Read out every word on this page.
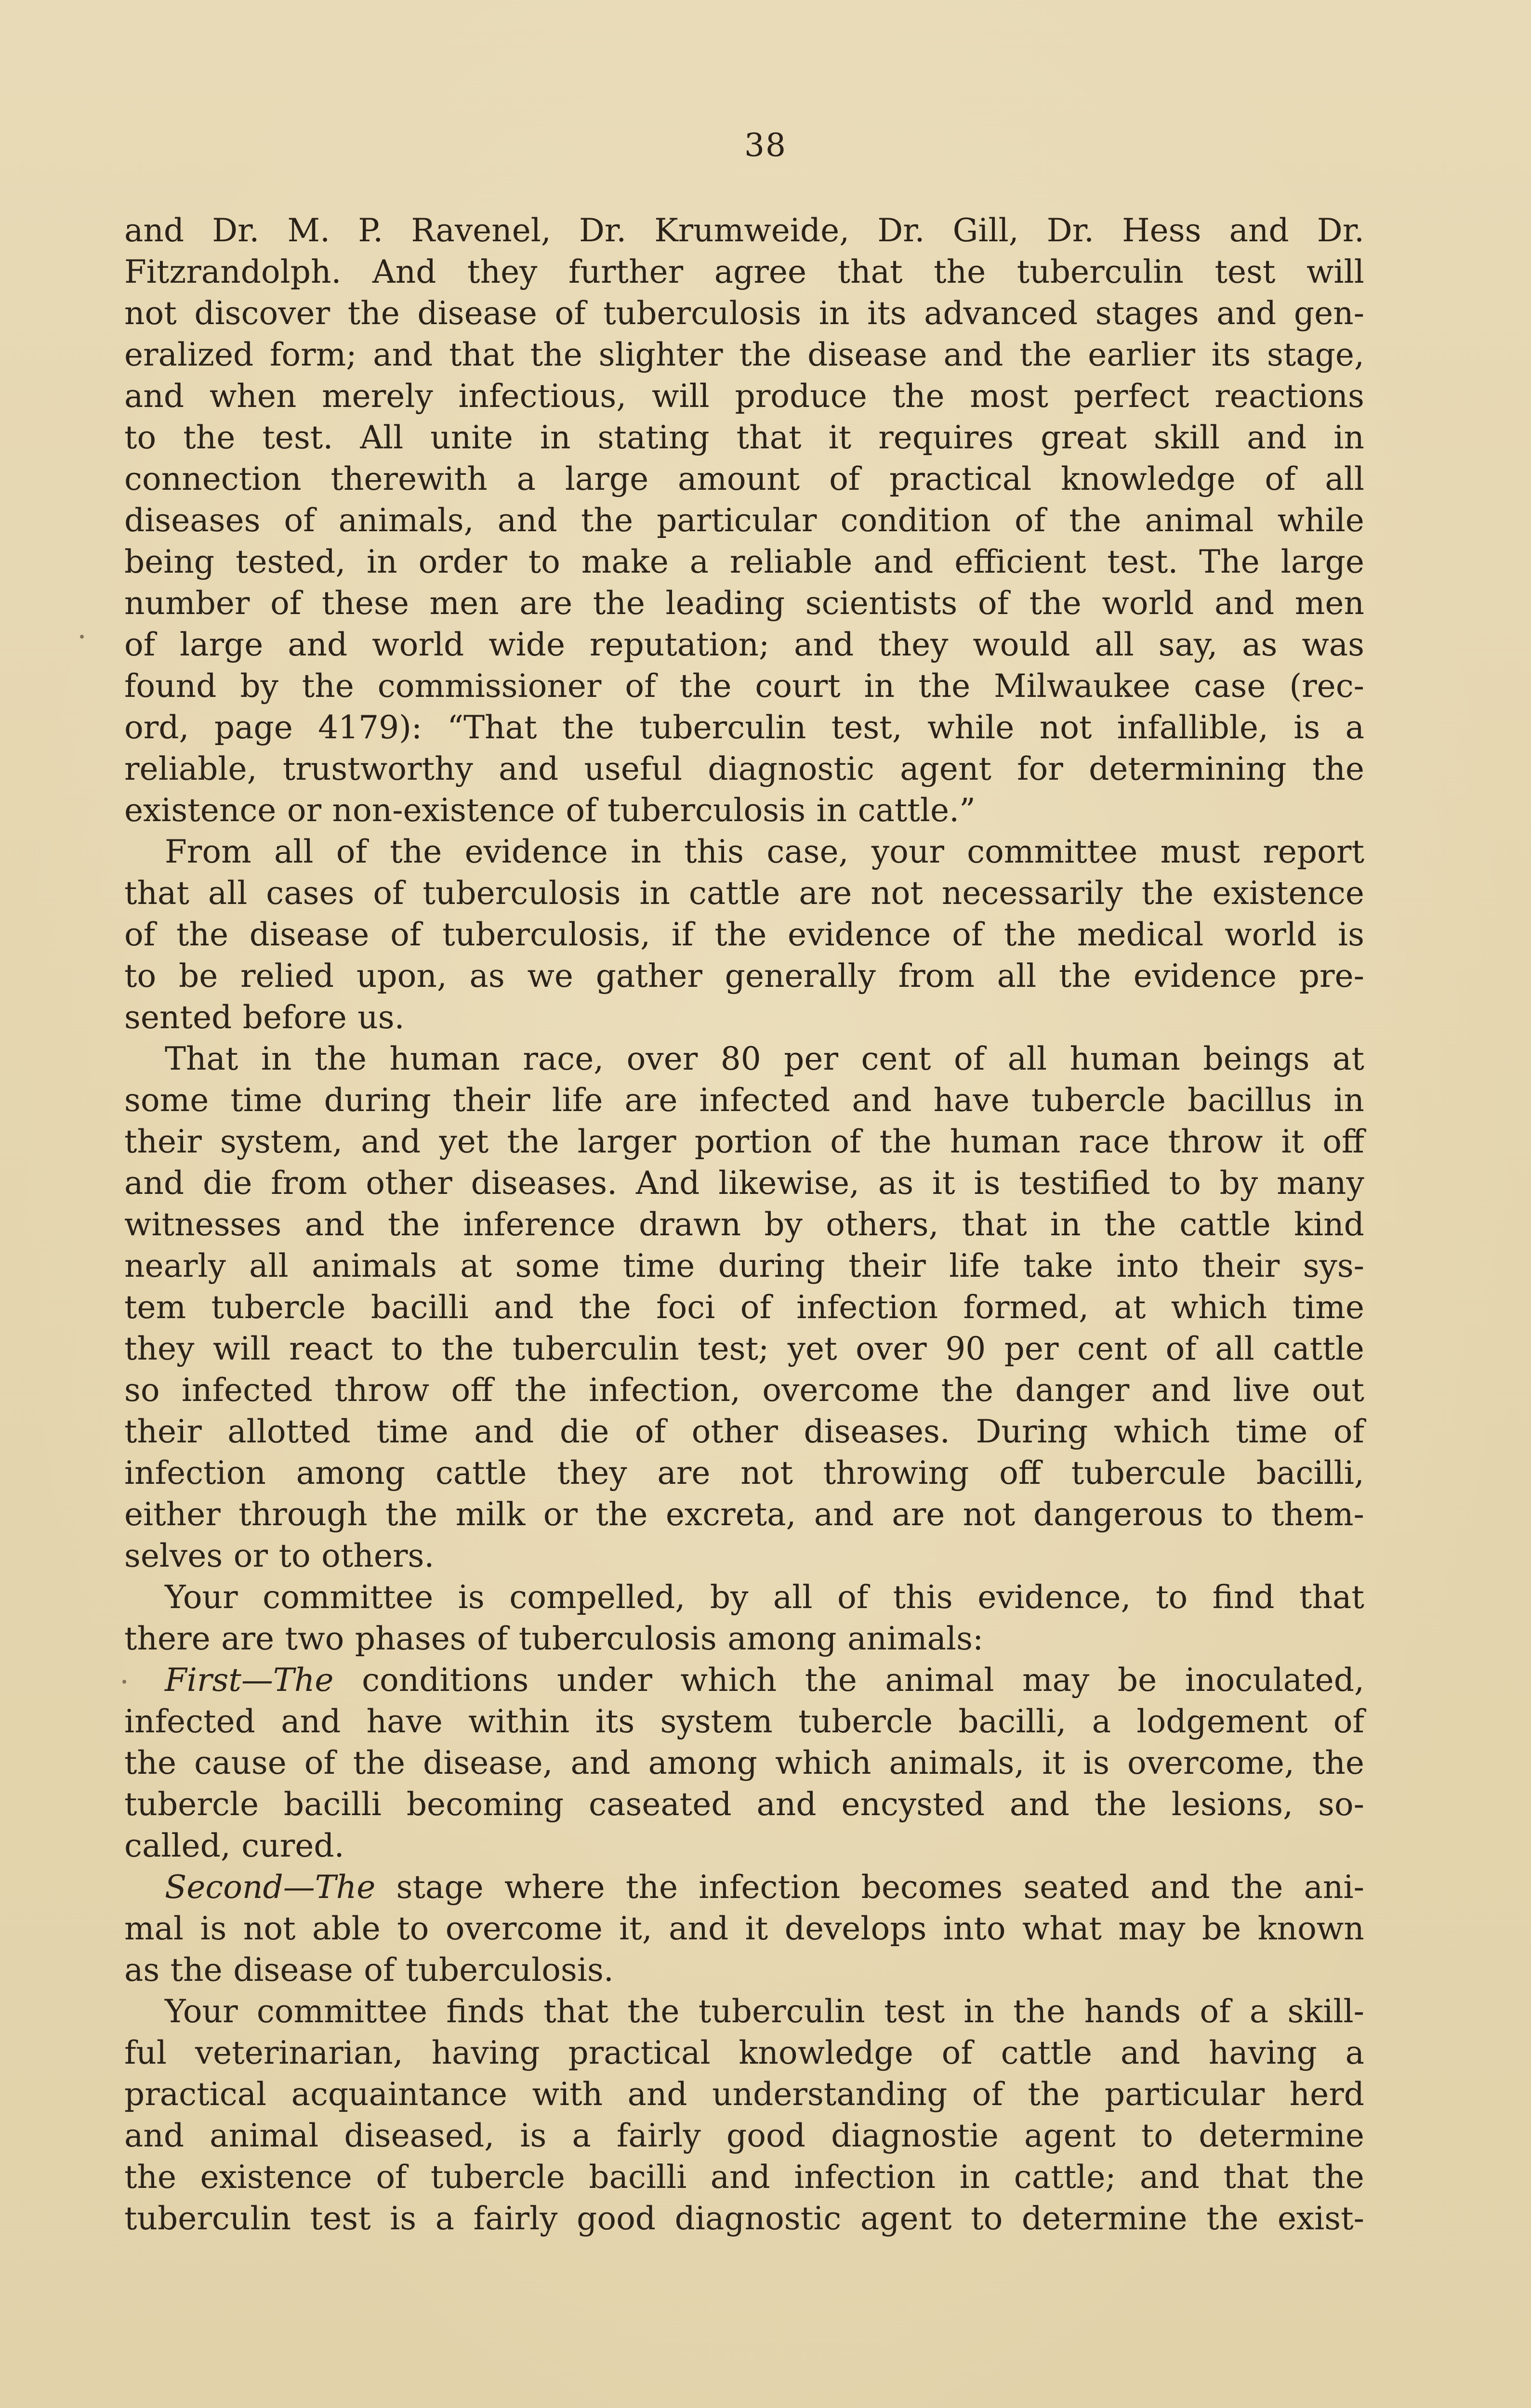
38
and Dr. M. P. Ravenel, Dr. Krumweide, Dr. Gill, Dr. Hess and Dr.
Fitzrandolph. And they further agree that the tuberculin test will
not discover the disease of tuberculosis in its advanced stages and gen-
eralized form; and that the slighter the disease and the earlier its stage,
and when merely infectious, will produce the most perfect reactions
to the test. All unite in stating that it requires great skill and in
connection therewith a large amount of practical knowledge of all
diseases of animals, and the particular condition of the animal while
being tested, in order to make a reliable and efficient test. The large
number of these men are the leading scientists of the world and men
of large and world wide reputation; and they would all say, as was
found by the commissioner of the court in the Milwaukee case (rec-
ord, page 4179): “That the tuberculin test, while not infallible, is a
reliable, trustworthy and useful diagnostic agent for determining the
existence or non-existence of tuberculosis in cattle.”
From all of the evidence in this case, your committee must report
that all cases of tuberculosis in cattle are not necessarily the existence
of the disease of tuberculosis, if the evidence of the medical world is
to be relied upon, as we gather generally from all the evidence pre-
sented before us.
That in the human race, over 80 per cent of all human beings at
some time during their life are infected and have tubercle bacillus in
their system, and yet the larger portion of the human race throw it off
and die from other diseases. And likewise, as it is testified to by many
witnesses and the inference drawn by others, that in the cattle kind
nearly all animals at some time during their life take into their sys-
tem tubercle bacilli and the foci of infection formed, at which time
they will react to the tuberculin test; yet over 90 per cent of all cattle
so infected throw off the infection, overcome the danger and live out
their allotted time and die of other diseases. During which time of
infection among cattle they are not throwing off tubercule bacilli,
either through the milk or the excreta, and are not dangerous to them-
selves or to others.
Your committee is compelled, by all of this evidence, to find that
there are two phases of tuberculosis among animals:
First—The conditions under which the animal may be inoculated,
infected and have within its system tubercle bacilli, a lodgement of
the cause of the disease, and among which animals, it is overcome, the
tubercle bacilli becoming caseated and encysted and the lesions, so-
called, cured.
Second—The stage where the infection becomes seated and the ani-
mal is not able to overcome it, and it develops into what may be known
as the disease of tuberculosis.
Your committee finds that the tuberculin test in the hands of a skill-
ful veterinarian, having practical knowledge of cattle and having a
practical acquaintance with and understanding of the particular herd
and animal diseased, is a fairly good diagnostie agent to determine
the existence of tubercle bacilli and infection in cattle; and that the
tuberculin test is a fairly good diagnostic agent to determine the exist-
